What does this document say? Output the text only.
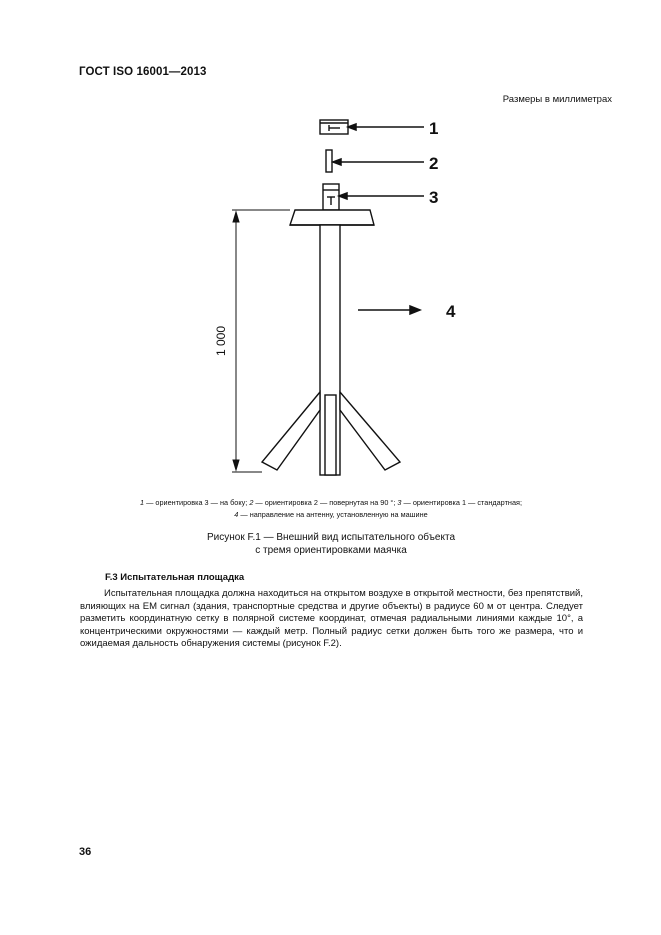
ГОСТ ISO 16001—2013
Размеры в миллиметрах
1
2
3
4
1 000
1 — ориентировка 3 — на боку; 2 — ориентировка 2 — повернутая на 90 °; 3 — ориентировка 1 — стандартная;
4 — направление на антенну, установленную на машине
Рисунок F.1 — Внешний вид испытательного объекта
с тремя ориентировками маячка
F.3 Испытательная площадка
Испытательная площадка должна находиться на открытом воздухе в открытой местности, без препятствий, влияющих на ЕМ сигнал (здания, транспортные средства и другие объекты) в радиусе 60 м от центра. Следует разметить координатную сетку в полярной системе координат, отмечая радиальными линиями каждые 10°, а концентрическими окружностями — каждый метр. Полный радиус сетки должен быть того же размера, что и ожидаемая дальность обнаружения системы (рисунок F.2).
36
